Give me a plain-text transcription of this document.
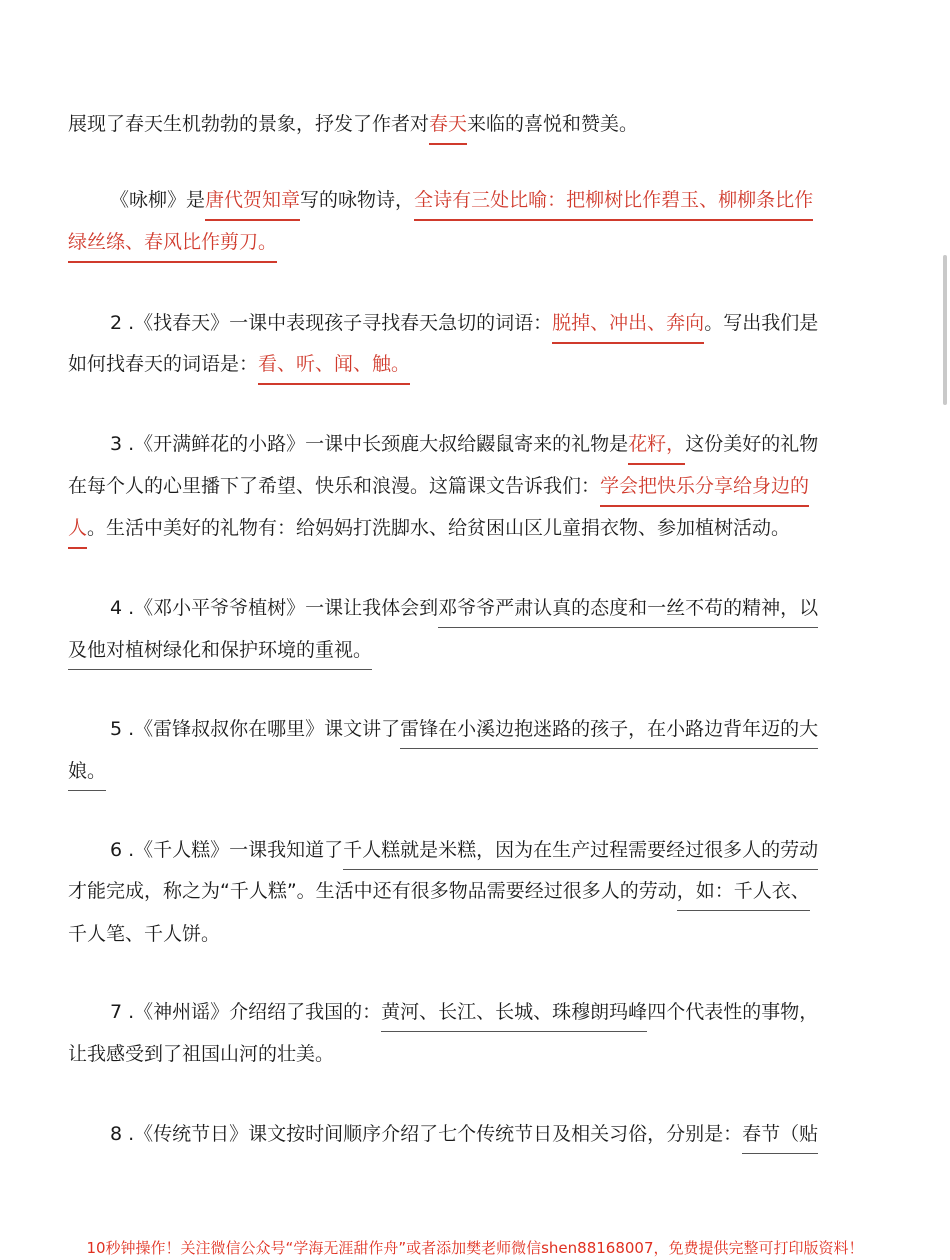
展现了春天生机勃勃的景象，抒发了作者对春天来临的喜悦和赞美。
《咏柳》是唐代贺知章写的咏物诗，全诗有三处比喻：把柳树比作碧玉、柳柳条比作
绿丝绦、春风比作剪刀。
2 .《找春天》一课中表现孩子寻找春天急切的词语：脱掉、冲出、奔向。写出我们是
如何找春天的词语是：看、听、闻、触。
3 .《开满鲜花的小路》一课中长颈鹿大叔给鼹鼠寄来的礼物是花籽，这份美好的礼物
在每个人的心里播下了希望、快乐和浪漫。这篇课文告诉我们：学会把快乐分享给身边的
人。生活中美好的礼物有：给妈妈打洗脚水、给贫困山区儿童捐衣物、参加植树活动。
4 .《邓小平爷爷植树》一课让我体会到邓爷爷严肃认真的态度和一丝不苟的精神，以
及他对植树绿化和保护环境的重视。
5 .《雷锋叔叔你在哪里》课文讲了雷锋在小溪边抱迷路的孩子，在小路边背年迈的大
娘。
6 .《千人糕》一课我知道了千人糕就是米糕，因为在生产过程需要经过很多人的劳动
才能完成，称之为“千人糕”。生活中还有很多物品需要经过很多人的劳动，如：千人衣、
千人笔、千人饼。
7 .《神州谣》介绍绍了我国的：黄河、长江、长城、珠穆朗玛峰四个代表性的事物，
让我感受到了祖国山河的壮美。
8 .《传统节日》课文按时间顺序介绍了七个传统节日及相关习俗，分别是：春节（贴
10秒钟操作！关注微信公众号“学海无涯甜作舟”或者添加樊老师微信shen88168007，免费提供完整可打印版资料！
